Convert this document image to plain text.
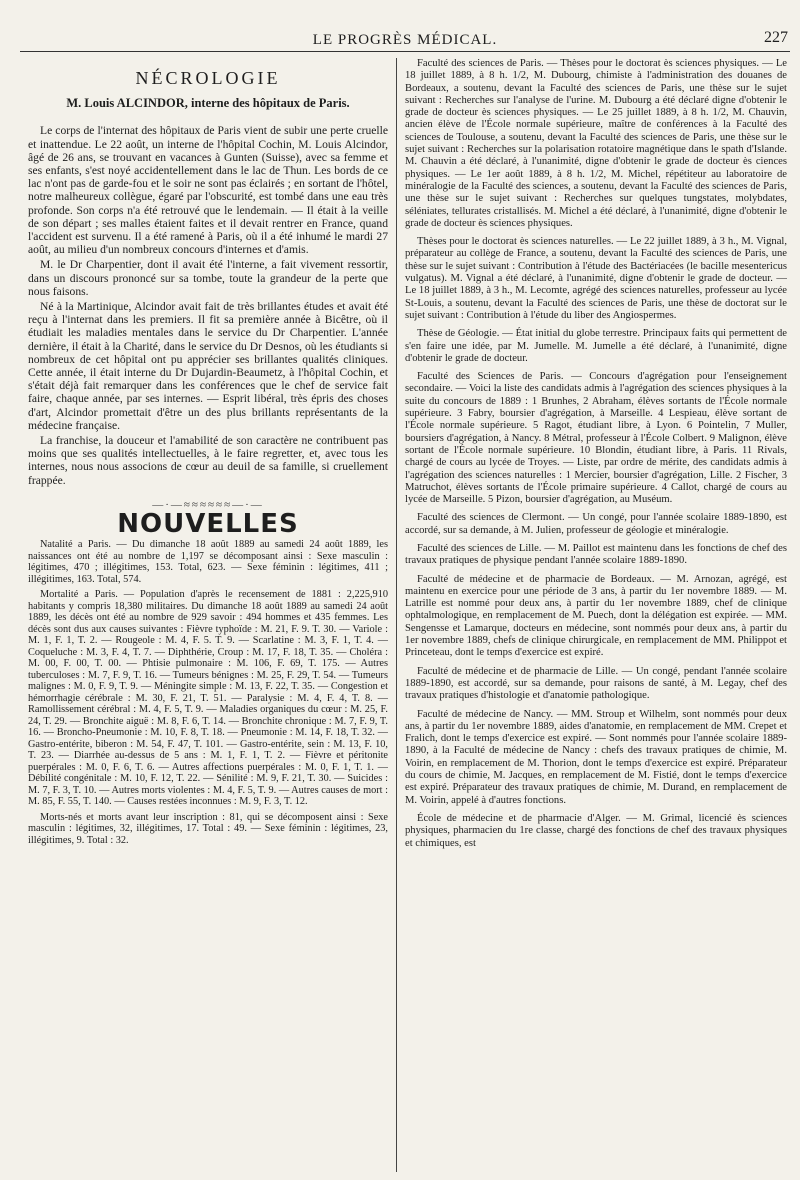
LE PROGRÈS MÉDICAL.	227
NÉCROLOGIE
M. Louis ALCINDOR, interne des hôpitaux de Paris.

Le corps de l'internat des hôpitaux de Paris vient de subir une perte cruelle et inattendue. Le 22 août, un interne de l'hôpital Cochin, M. Louis Alcindor, âgé de 26 ans, se trouvant en vacances à Gunten (Suisse), avec sa femme et ses enfants, s'est noyé accidentellement dans le lac de Thun. Les bords de ce lac n'ont pas de garde-fou et le soir ne sont pas éclairés ; en sortant de l'hôtel, notre malheureux collègue, égaré par l'obscurité, est tombé dans une eau très profonde. Son corps n'a été retrouvé que le lendemain. — Il était à la veille de son départ ; ses malles étaient faites et il devait rentrer en France, quand l'accident est survenu. Il a été ramené à Paris, où il a été inhumé le mardi 27 août, au milieu d'un nombreux concours d'internes et d'amis.

M. le Dr Charpentier, dont il avait été l'interne, a fait vivement ressortir, dans un discours prononcé sur sa tombe, toute la grandeur de la perte que nous faisons.

Né à la Martinique, Alcindor avait fait de très brillantes études et avait été reçu à l'internat dans les premiers. Il fit sa première année à Bicêtre, où il étudiait les maladies mentales dans le service du Dr Charpentier. L'année dernière, il était à la Charité, dans le service du Dr Desnos, où les étudiants si nombreux de cet hôpital ont pu apprécier ses brillantes qualités cliniques. Cette année, il était interne du Dr Dujardin-Beaumetz, à l'hôpital Cochin, et s'était déjà fait remarquer dans les conférences que le chef de service fait faire, chaque année, par ses internes. — Esprit libéral, très épris des choses d'art, Alcindor promettait d'être un des plus brillants représentants de la médecine française.

La franchise, la douceur et l'amabilité de son caractère ne contribuent pas moins que ses qualités intellectuelles, à le faire regretter, et, avec tous les internes, nous nous associons de cœur au deuil de sa famille, si cruellement frappée.

—·—≈≈≈≈≈≈—·—
NOUVELLES

Natalité a Paris. — Du dimanche 18 août 1889 au samedi 24 août 1889, les naissances ont été au nombre de 1,197 se décomposant ainsi : Sexe masculin : légitimes, 470 ; illégitimes, 153. Total, 623. — Sexe féminin : légitimes, 411 ; illégitimes, 163. Total, 574.

Mortalité a Paris. — Population d'après le recensement de 1881 : 2,225,910 habitants y compris 18,380 militaires. Du dimanche 18 août 1889 au samedi 24 août 1889, les décès ont été au nombre de 929 savoir : 494 hommes et 435 femmes. Les décès sont dus aux causes suivantes : Fièvre typhoïde : M. 21, F. 9. T. 30. — Variole : M. 1, F. 1, T. 2. — Rougeole : M. 4, F. 5. T. 9. — Scarlatine : M. 3, F. 1, T. 4. — Coqueluche : M. 3, F. 4, T. 7. — Diphthérie, Croup : M. 17, F. 18, T. 35. — Choléra : M. 00, F. 00, T. 00. — Phtisie pulmonaire : M. 106, F. 69, T. 175. — Autres tuberculoses : M. 7, F. 9, T. 16. — Tumeurs bénignes : M. 25, F. 29, T. 54. — Tumeurs malignes : M. 0, F. 9, T. 9. — Méningite simple : M. 13, F. 22, T. 35. — Congestion et hémorrhagie cérébrale : M. 30, F. 21, T. 51. — Paralysie : M. 4, F. 4, T. 8. — Ramollissement cérébral : M. 4, F. 5, T. 9. — Maladies organiques du cœur : M. 25, F. 24, T. 29. — Bronchite aiguë : M. 8, F. 6, T. 14. — Bronchite chronique : M. 7, F. 9, T. 16. — Broncho-Pneumonie : M. 10, F. 8, T. 18. — Pneumonie : M. 14, F. 18, T. 32. — Gastro-entérite, biberon : M. 54, F. 47, T. 101. — Gastro-entérite, sein : M. 13, F. 10, T. 23. — Diarrhée au-dessus de 5 ans : M. 1, F. 1, T. 2. — Fièvre et péritonite puerpérales : M. 0, F. 6, T. 6. — Autres affections puerpérales : M. 0, F. 1, T. 1. — Débilité congénitale : M. 10, F. 12, T. 22. — Sénilité : M. 9, F. 21, T. 30. — Suicides : M. 7, F. 3, T. 10. — Autres morts violentes : M. 4, F. 5, T. 9. — Autres causes de mort : M. 85, F. 55, T. 140. — Causes restées inconnues : M. 9, F. 3, T. 12.

Morts-nés et morts avant leur inscription : 81, qui se décomposent ainsi : Sexe masculin : légitimes, 32, illégitimes, 17. Total : 49. — Sexe féminin : légitimes, 23, illégitimes, 9. Total : 32.

Faculté des sciences de Paris. — Thèses pour le doctorat ès sciences physiques. — Le 18 juillet 1889, à 8 h. 1/2, M. Dubourg, chimiste à l'administration des douanes de Bordeaux, a soutenu, devant la Faculté des sciences de Paris, une thèse sur le sujet suivant : Recherches sur l'analyse de l'urine. M. Dubourg a été déclaré digne d'obtenir le grade de docteur ès sciences physiques. — Le 25 juillet 1889, à 8 h. 1/2, M. Chauvin, ancien élève de l'École normale supérieure, maître de conférences à la Faculté des sciences de Toulouse, a soutenu, devant la Faculté des sciences de Paris, une thèse sur le sujet suivant : Recherches sur la polarisation rotatoire magnétique dans le spath d'Islande. M. Chauvin a été déclaré, à l'unanimité, digne d'obtenir le grade de docteur ès ciences physiques. — Le 1er août 1889, à 8 h. 1/2, M. Michel, répétiteur au laboratoire de minéralogie de la Faculté des sciences, a soutenu, devant la Faculté des sciences de Paris, une thèse sur le sujet suivant : Recherches sur quelques tungstates, molybdates, séléniates, tellurates cristallisés. M. Michel a été déclaré, à l'unanimité, digne d'obtenir le grade de docteur ès sciences physiques.

Thèses pour le doctorat ès sciences naturelles. — Le 22 juillet 1889, à 3 h., M. Vignal, préparateur au collège de France, a soutenu, devant la Faculté des sciences de Paris, une thèse sur le sujet suivant : Contribution à l'étude des Bactériacées (le bacille mesentericus vulgatus). M. Vignal a été déclaré, à l'unanimité, digne d'obtenir le grade de docteur. — Le 18 juillet 1889, à 3 h., M. Lecomte, agrégé des sciences naturelles, professeur au lycée St-Louis, a soutenu, devant la Faculté des sciences de Paris, une thèse de doctorat sur le sujet suivant : Contribution à l'étude du liber des Angiospermes.

Thèse de Géologie. — État initial du globe terrestre. Principaux faits qui permettent de s'en faire une idée, par M. Jumelle. M. Jumelle a été déclaré, à l'unanimité, digne d'obtenir le grade de docteur.

Faculté des Sciences de Paris. — Concours d'agrégation pour l'enseignement secondaire. — Voici la liste des candidats admis à l'agrégation des sciences physiques à la suite du concours de 1889 : 1 Brunhes, 2 Abraham, élèves sortants de l'École normale supérieure. 3 Fabry, boursier d'agrégation, à Marseille. 4 Lespieau, élève sortant de l'École normale supérieure. 5 Ragot, étudiant libre, à Lyon. 6 Pointelin, 7 Muller, boursiers d'agrégation, à Nancy. 8 Métral, professeur à l'École Colbert. 9 Malignon, élève sortant de l'École normale supérieure. 10 Blondin, étudiant libre, à Paris. 11 Rivals, chargé de cours au lycée de Troyes. — Liste, par ordre de mérite, des candidats admis à l'agrégation des sciences naturelles : 1 Mercier, boursier d'agrégation, Lille. 2 Fischer, 3 Matruchot, élèves sortants de l'École primaire supérieure. 4 Callot, chargé de cours au lycée de Marseille. 5 Pizon, boursier d'agrégation, au Muséum.

Faculté des sciences de Clermont. — Un congé, pour l'année scolaire 1889-1890, est accordé, sur sa demande, à M. Julien, professeur de géologie et minéralogie.

Faculté des sciences de Lille. — M. Paillot est maintenu dans les fonctions de chef des travaux pratiques de physique pendant l'année scolaire 1889-1890.

Faculté de médecine et de pharmacie de Bordeaux. — M. Arnozan, agrégé, est maintenu en exercice pour une période de 3 ans, à partir du 1er novembre 1889. — M. Latrille est nommé pour deux ans, à partir du 1er novembre 1889, chef de clinique ophtalmologique, en remplacement de M. Puech, dont la délégation est expirée. — MM. Sengensse et Lamarque, docteurs en médecine, sont nommés pour deux ans, à partir du 1er novembre 1889, chefs de clinique chirurgicale, en remplacement de MM. Philippot et Princeteau, dont le temps d'exercice est expiré.

Faculté de médecine et de pharmacie de Lille. — Un congé, pendant l'année scolaire 1889-1890, est accordé, sur sa demande, pour raisons de santé, à M. Legay, chef des travaux pratiques d'histologie et d'anatomie pathologique.

Faculté de médecine de Nancy. — MM. Stroup et Wilhelm, sont nommés pour deux ans, à partir du 1er novembre 1889, aides d'anatomie, en remplacement de MM. Crepet et Fralich, dont le temps d'exercice est expiré. — Sont nommés pour l'année scolaire 1889-1890, à la Faculté de médecine de Nancy : chefs des travaux pratiques de chimie, M. Voirin, en remplacement de M. Thorion, dont le temps d'exercice est expiré. Préparateur du cours de chimie, M. Jacques, en remplacement de M. Fistié, dont le temps d'exercice est expiré. Préparateur des travaux pratiques de chimie, M. Durand, en remplacement de M. Voirin, appelé à d'autres fonctions.

École de médecine et de pharmacie d'Alger. — M. Grimal, licencié ès sciences physiques, pharmacien du 1re classe, chargé des fonctions de chef des travaux physiques et chimiques, est
